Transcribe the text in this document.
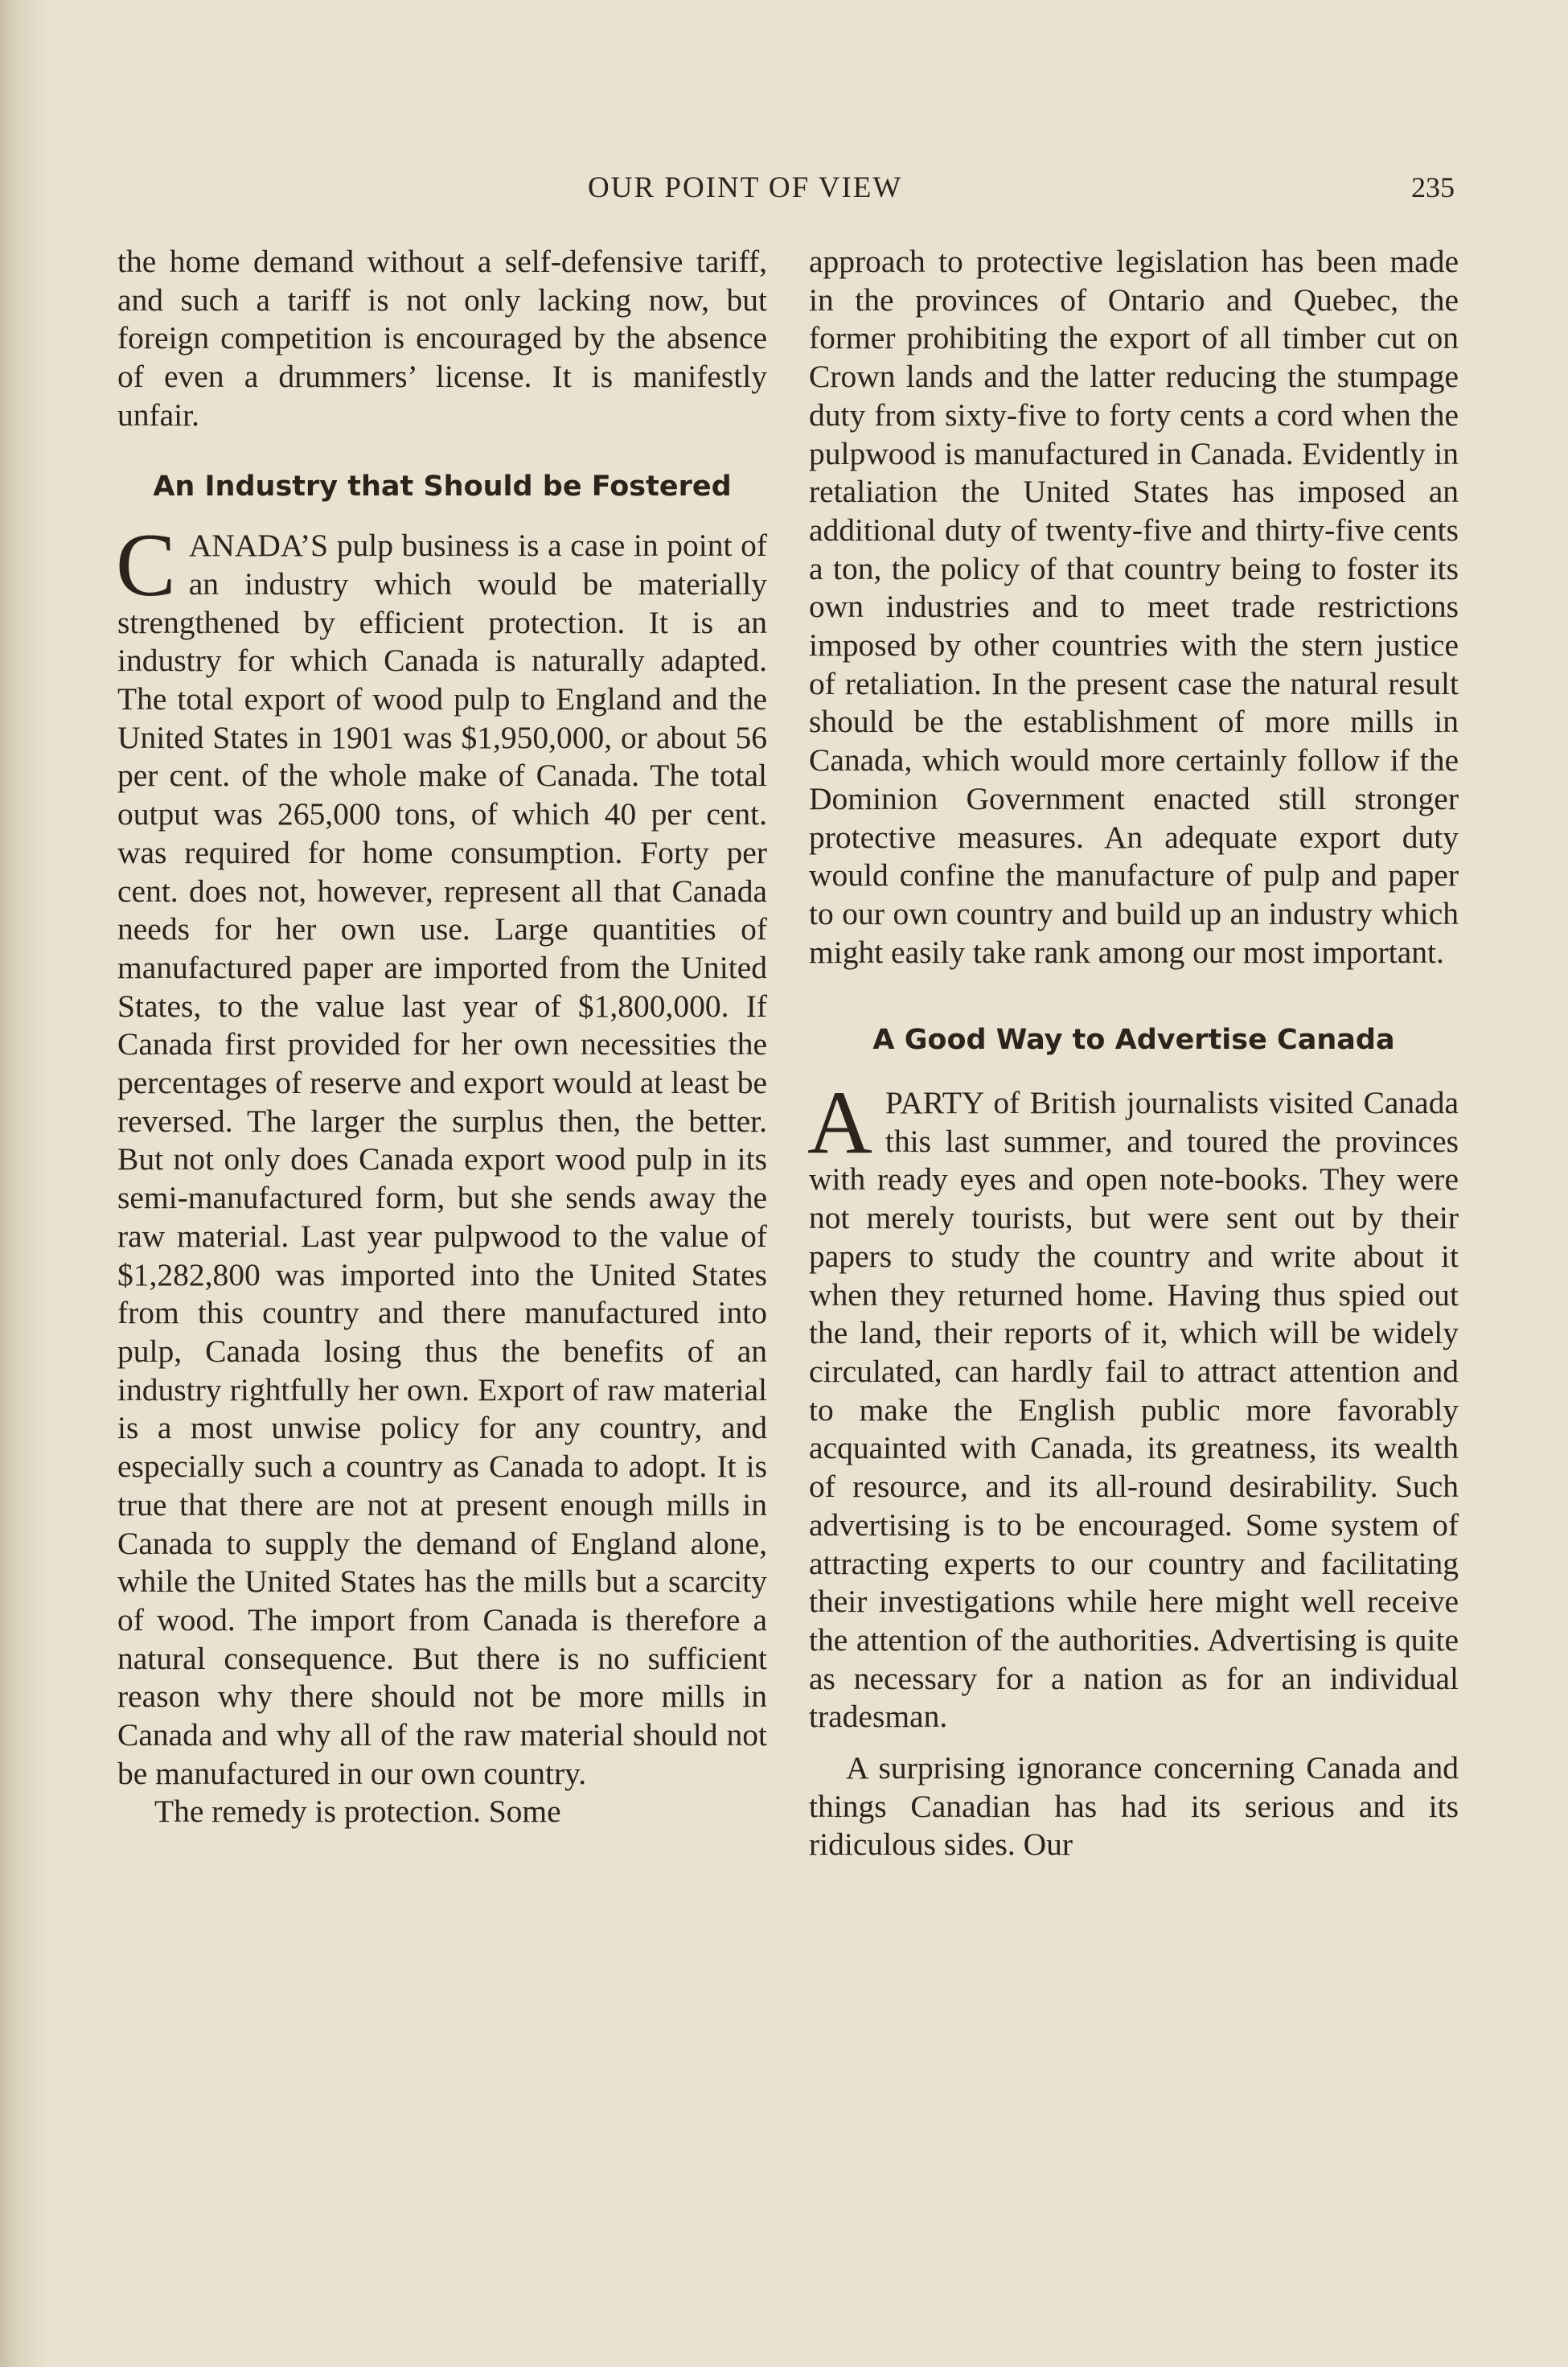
OUR POINT OF VIEW	235

the home demand without a self-defensive tariff, and such a tariff is not only lacking now, but foreign competition is encouraged by the absence of even a drummers’ license. It is manifestly unfair.

An Industry that Should be Fostered

CANADA’S pulp business is a case in point of an industry which would be materially strengthened by efficient protection. It is an industry for which Canada is naturally adapted. The total export of wood pulp to England and the United States in 1901 was $1,950,000, or about 56 per cent. of the whole make of Canada. The total output was 265,000 tons, of which 40 per cent. was required for home consumption. Forty per cent. does not, however, represent all that Canada needs for her own use. Large quantities of manufactured paper are imported from the United States, to the value last year of $1,800,000. If Canada first provided for her own necessities the percentages of reserve and export would at least be reversed. The larger the surplus then, the better. But not only does Canada export wood pulp in its semi-manufactured form, but she sends away the raw material. Last year pulpwood to the value of $1,282,800 was imported into the United States from this country and there manufactured into pulp, Canada losing thus the benefits of an industry rightfully her own. Export of raw material is a most unwise policy for any country, and especially such a country as Canada to adopt. It is true that there are not at present enough mills in Canada to supply the demand of England alone, while the United States has the mills but a scarcity of wood. The import from Canada is therefore a natural consequence. But there is no sufficient reason why there should not be more mills in Canada and why all of the raw material should not be manufactured in our own country.

The remedy is protection. Some

approach to protective legislation has been made in the provinces of Ontario and Quebec, the former prohibiting the export of all timber cut on Crown lands and the latter reducing the stumpage duty from sixty-five to forty cents a cord when the pulpwood is manufactured in Canada. Evidently in retaliation the United States has imposed an additional duty of twenty-five and thirty-five cents a ton, the policy of that country being to foster its own industries and to meet trade restrictions imposed by other countries with the stern justice of retaliation. In the present case the natural result should be the establishment of more mills in Canada, which would more certainly follow if the Dominion Government enacted still stronger protective measures. An adequate export duty would confine the manufacture of pulp and paper to our own country and build up an industry which might easily take rank among our most important.

A Good Way to Advertise Canada

APARTY of British journalists visited Canada this last summer, and toured the provinces with ready eyes and open note-books. They were not merely tourists, but were sent out by their papers to study the country and write about it when they returned home. Having thus spied out the land, their reports of it, which will be widely circulated, can hardly fail to attract attention and to make the English public more favorably acquainted with Canada, its greatness, its wealth of resource, and its all-round desirability. Such advertising is to be encouraged. Some system of attracting experts to our country and facilitating their investigations while here might well receive the attention of the authorities. Advertising is quite as necessary for a nation as for an individual tradesman.

A surprising ignorance concerning Canada and things Canadian has had its serious and its ridiculous sides. Our
